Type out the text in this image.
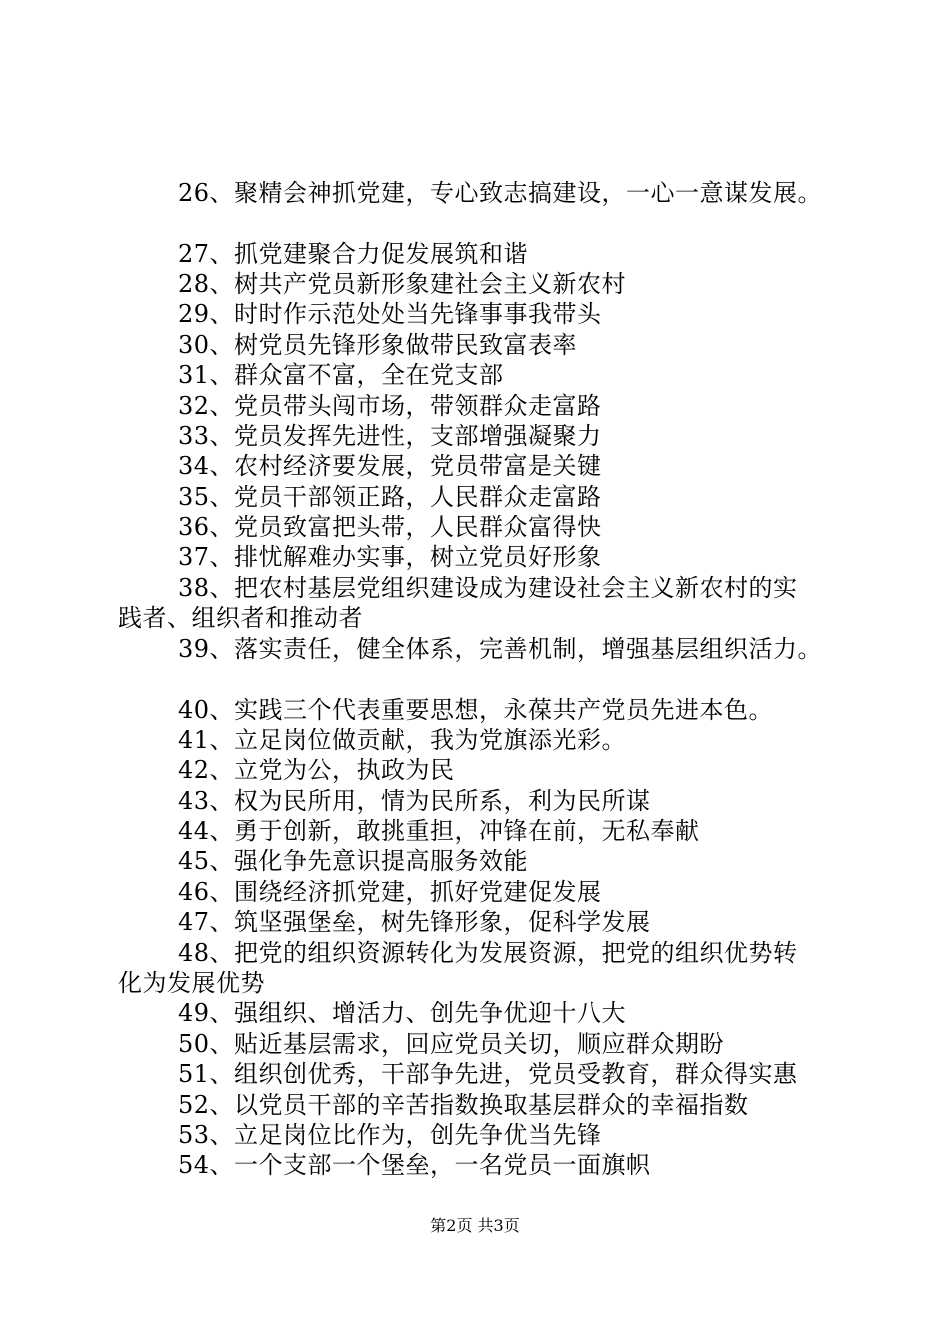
26、聚精会神抓党建，专心致志搞建设，一心一意谋发展。
27、抓党建聚合力促发展筑和谐
28、树共产党员新形象建社会主义新农村
29、时时作示范处处当先锋事事我带头
30、树党员先锋形象做带民致富表率
31、群众富不富，全在党支部
32、党员带头闯市场，带领群众走富路
33、党员发挥先进性，支部增强凝聚力
34、农村经济要发展，党员带富是关键
35、党员干部领正路，人民群众走富路
36、党员致富把头带，人民群众富得快
37、排忧解难办实事，树立党员好形象
38、把农村基层党组织建设成为建设社会主义新农村的实
践者、组织者和推动者
39、落实责任，健全体系，完善机制，增强基层组织活力。
40、实践三个代表重要思想，永葆共产党员先进本色。
41、立足岗位做贡献，我为党旗添光彩。
42、立党为公，执政为民
43、权为民所用，情为民所系，利为民所谋
44、勇于创新，敢挑重担，冲锋在前，无私奉献
45、强化争先意识提高服务效能
46、围绕经济抓党建，抓好党建促发展
47、筑坚强堡垒，树先锋形象，促科学发展
48、把党的组织资源转化为发展资源，把党的组织优势转
化为发展优势
49、强组织、增活力、创先争优迎十八大
50、贴近基层需求，回应党员关切，顺应群众期盼
51、组织创优秀，干部争先进，党员受教育，群众得实惠
52、以党员干部的辛苦指数换取基层群众的幸福指数
53、立足岗位比作为，创先争优当先锋
54、一个支部一个堡垒，一名党员一面旗帜
第2页 共3页
